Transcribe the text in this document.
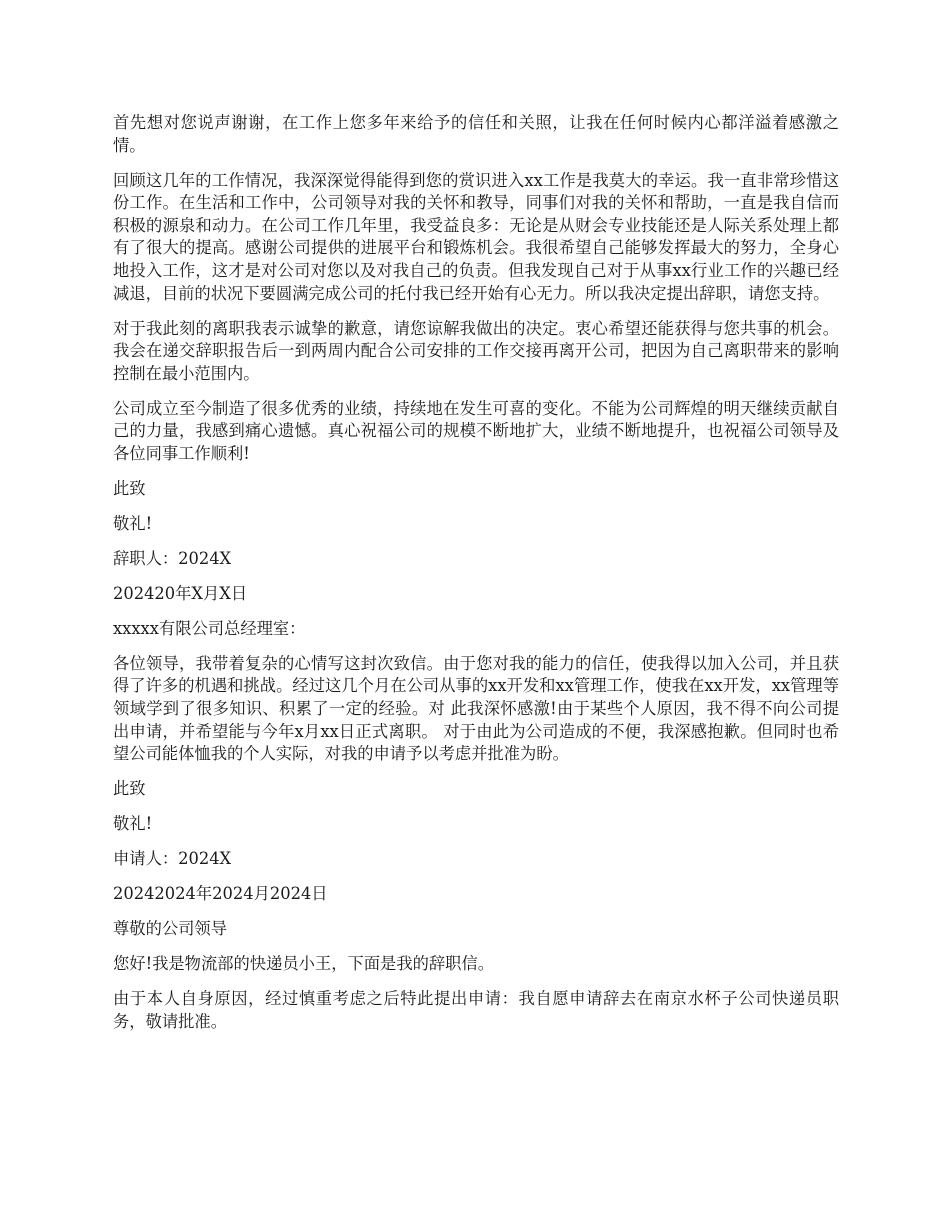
首先想对您说声谢谢，在工作上您多年来给予的信任和关照，让我在任何时候内心都洋溢着感激之情。

回顾这几年的工作情况，我深深觉得能得到您的赏识进入xx工作是我莫大的幸运。我一直非常珍惜这份工作。在生活和工作中，公司领导对我的关怀和教导，同事们对我的关怀和帮助，一直是我自信而积极的源泉和动力。在公司工作几年里，我受益良多：无论是从财会专业技能还是人际关系处理上都有了很大的提高。感谢公司提供的进展平台和锻炼机会。我很希望自己能够发挥最大的努力，全身心地投入工作，这才是对公司对您以及对我自己的负责。但我发现自己对于从事xx行业工作的兴趣已经减退，目前的状况下要圆满完成公司的托付我已经开始有心无力。所以我决定提出辞职，请您支持。

对于我此刻的离职我表示诚挚的歉意，请您谅解我做出的决定。衷心希望还能获得与您共事的机会。我会在递交辞职报告后一到两周内配合公司安排的工作交接再离开公司，把因为自己离职带来的影响控制在最小范围内。

公司成立至今制造了很多优秀的业绩，持续地在发生可喜的变化。不能为公司辉煌的明天继续贡献自己的力量，我感到痛心遗憾。真心祝福公司的规模不断地扩大，业绩不断地提升，也祝福公司领导及各位同事工作顺利!

此致

敬礼!

辞职人：2024X

202420年X月X日

xxxxx有限公司总经理室：

各位领导，我带着复杂的心情写这封次致信。由于您对我的能力的信任，使我得以加入公司，并且获得了许多的机遇和挑战。经过这几个月在公司从事的xx开发和xx管理工作，使我在xx开发，xx管理等领域学到了很多知识、积累了一定的经验。对 此我深怀感激!由于某些个人原因，我不得不向公司提出申请，并希望能与今年x月xx日正式离职。 对于由此为公司造成的不便，我深感抱歉。但同时也希望公司能体恤我的个人实际，对我的申请予以考虑并批准为盼。

此致

敬礼!

申请人：2024X

20242024年2024月2024日

尊敬的公司领导

您好!我是物流部的快递员小王，下面是我的辞职信。

由于本人自身原因，经过慎重考虑之后特此提出申请：我自愿申请辞去在南京水杯子公司快递员职务，敬请批准。
